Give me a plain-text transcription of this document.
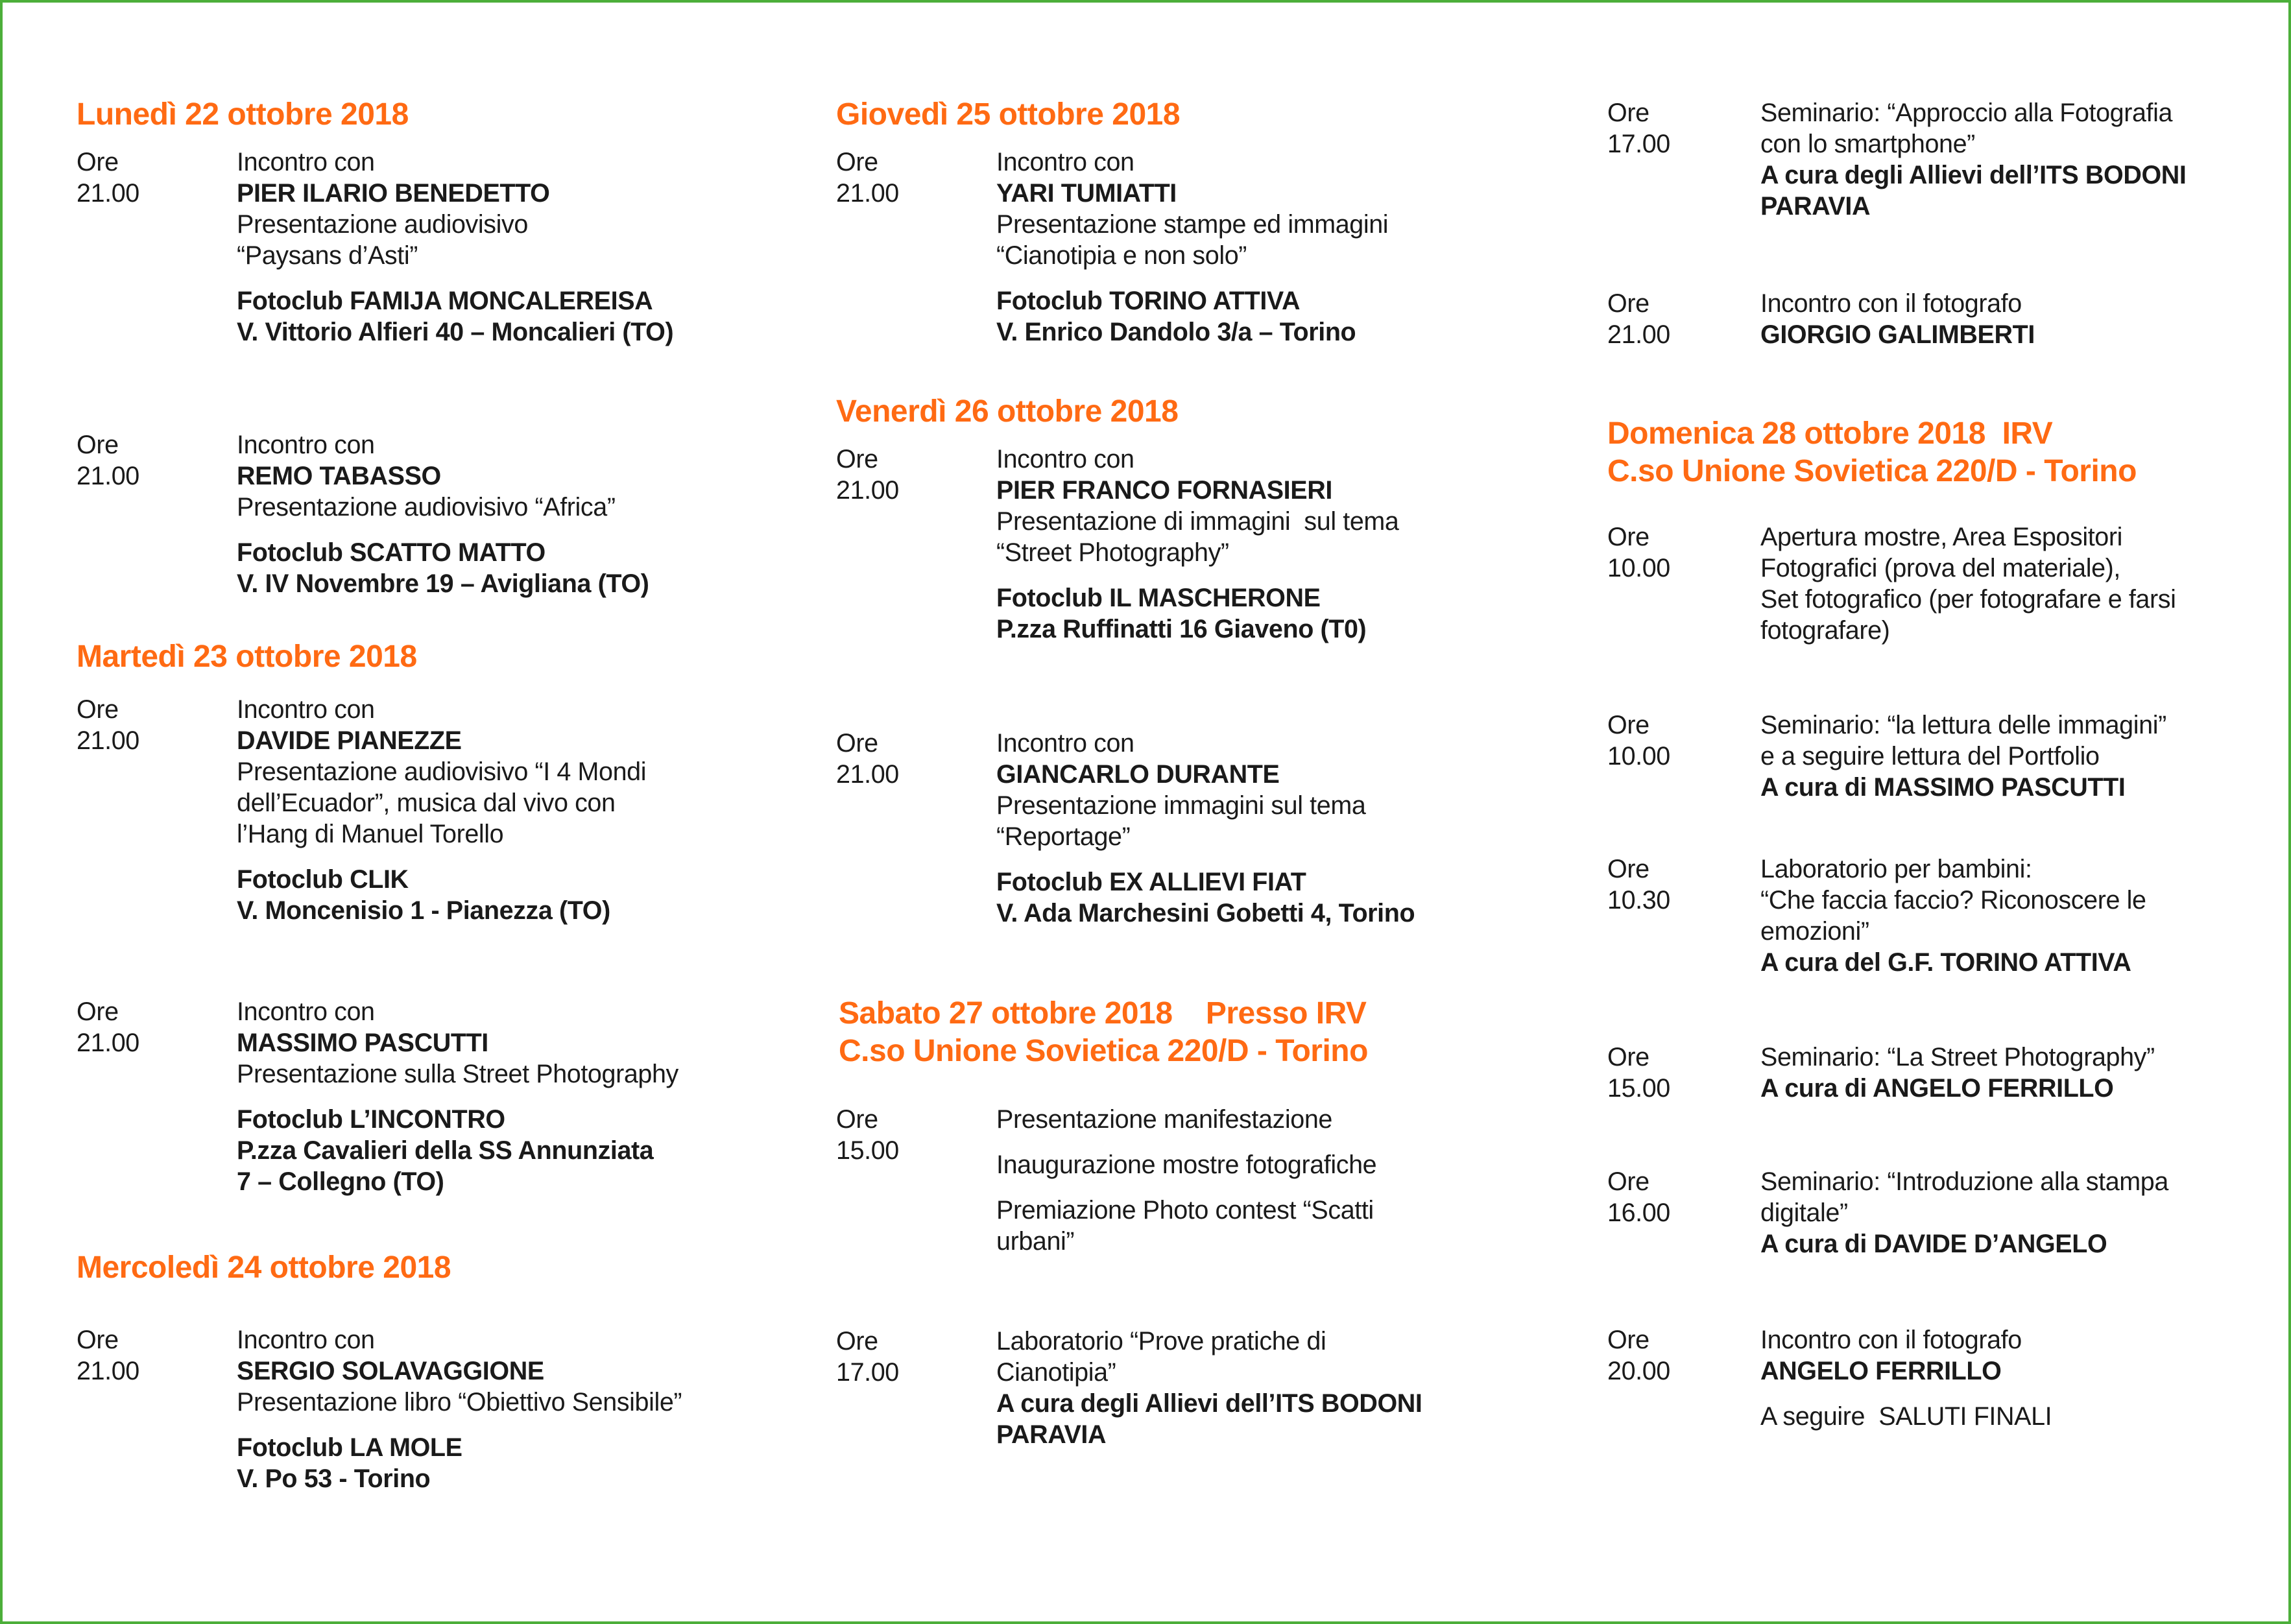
Lunedì 22 ottobre 2018
Ore
21.00
Incontro con
PIER ILARIO BENEDETTO
Presentazione audiovisivo
“Paysans d’Asti”
Fotoclub FAMIJA MONCALEREISA
V. Vittorio Alfieri 40 – Moncalieri (TO)
Ore
21.00
Incontro con
REMO TABASSO
Presentazione audiovisivo “Africa”
Fotoclub SCATTO MATTO
V. IV Novembre 19 – Avigliana (TO)
Martedì 23 ottobre 2018
Ore
21.00
Incontro con
DAVIDE PIANEZZE
Presentazione audiovisivo “I 4 Mondi
dell’Ecuador”, musica dal vivo con
l’Hang di Manuel Torello
Fotoclub CLIK
V. Moncenisio 1 - Pianezza (TO)
Ore
21.00
Incontro con
MASSIMO PASCUTTI
Presentazione sulla Street Photography
Fotoclub L’INCONTRO
P.zza Cavalieri della SS Annunziata
7 – Collegno (TO)
Mercoledì 24 ottobre 2018
Ore
21.00
Incontro con
SERGIO SOLAVAGGIONE
Presentazione libro “Obiettivo Sensibile”
Fotoclub LA MOLE
V. Po 53 - Torino
Giovedì 25 ottobre 2018
Ore
21.00
Incontro con
YARI TUMIATTI
Presentazione stampe ed immagini
“Cianotipia e non solo”
Fotoclub TORINO ATTIVA
V. Enrico Dandolo 3/a – Torino
Venerdì 26 ottobre 2018
Ore
21.00
Incontro con
PIER FRANCO FORNASIERI
Presentazione di immagini  sul tema
“Street Photography”
Fotoclub IL MASCHERONE
P.zza Ruffinatti 16 Giaveno (T0)
Ore
21.00
Incontro con
GIANCARLO DURANTE
Presentazione immagini sul tema
“Reportage”
Fotoclub EX ALLIEVI FIAT
V. Ada Marchesini Gobetti 4, Torino
Sabato 27 ottobre 2018    Presso IRV
C.so Unione Sovietica 220/D - Torino
Ore
15.00
Presentazione manifestazione
Inaugurazione mostre fotografiche
Premiazione Photo contest “Scatti
urbani”
Ore
17.00
Laboratorio “Prove pratiche di
Cianotipia”
A cura degli Allievi dell’ITS BODONI
PARAVIA
Ore
17.00
Seminario: “Approccio alla Fotografia
con lo smartphone”
A cura degli Allievi dell’ITS BODONI
PARAVIA
Ore
21.00
Incontro con il fotografo
GIORGIO GALIMBERTI
Domenica 28 ottobre 2018  IRV
C.so Unione Sovietica 220/D - Torino
Ore
10.00
Apertura mostre, Area Espositori
Fotografici (prova del materiale),
Set fotografico (per fotografare e farsi
fotografare)
Ore
10.00
Seminario: “la lettura delle immagini”
e a seguire lettura del Portfolio
A cura di MASSIMO PASCUTTI
Ore
10.30
Laboratorio per bambini:
“Che faccia faccio? Riconoscere le
emozioni”
A cura del G.F. TORINO ATTIVA
Ore
15.00
Seminario: “La Street Photography”
A cura di ANGELO FERRILLO
Ore
16.00
Seminario: “Introduzione alla stampa
digitale”
A cura di DAVIDE D’ANGELO
Ore
20.00
Incontro con il fotografo
ANGELO FERRILLO
A seguire  SALUTI FINALI
